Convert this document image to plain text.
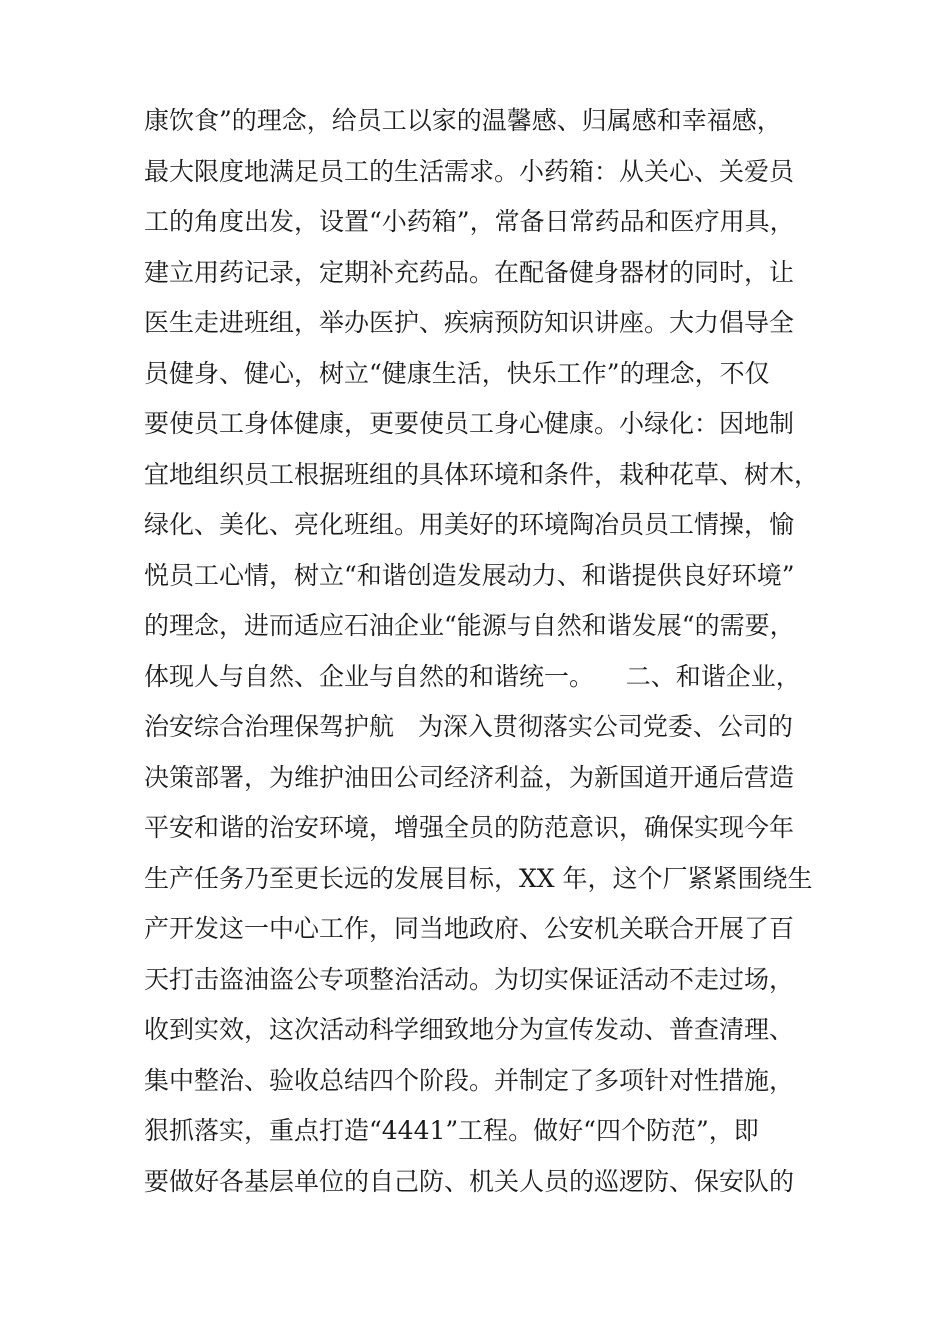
康饮食”的理念，给员工以家的温馨感、归属感和幸福感，
最大限度地满足员工的生活需求。小药箱：从关心、关爱员
工的角度出发，设置“小药箱”，常备日常药品和医疗用具，
建立用药记录，定期补充药品。在配备健身器材的同时，让
医生走进班组，举办医护、疾病预防知识讲座。大力倡导全
员健身、健心，树立“健康生活，快乐工作”的理念，不仅
要使员工身体健康，更要使员工身心健康。小绿化：因地制
宜地组织员工根据班组的具体环境和条件，栽种花草、树木，
绿化、美化、亮化班组。用美好的环境陶冶员员工情操，愉
悦员工心情，树立“和谐创造发展动力、和谐提供良好环境”
的理念，进而适应石油企业“能源与自然和谐发展“的需要，
体现人与自然、企业与自然的和谐统一。    二、和谐企业，
治安综合治理保驾护航   为深入贯彻落实公司党委、公司的
决策部署，为维护油田公司经济利益，为新国道开通后营造
平安和谐的治安环境，增强全员的防范意识，确保实现今年
生产任务乃至更长远的发展目标，XX 年，这个厂紧紧围绕生
产开发这一中心工作，同当地政府、公安机关联合开展了百
天打击盗油盗公专项整治活动。为切实保证活动不走过场，
收到实效，这次活动科学细致地分为宣传发动、普查清理、
集中整治、验收总结四个阶段。并制定了多项针对性措施，
狠抓落实，重点打造“4441”工程。做好“四个防范”，即
要做好各基层单位的自己防、机关人员的巡逻防、保安队的
